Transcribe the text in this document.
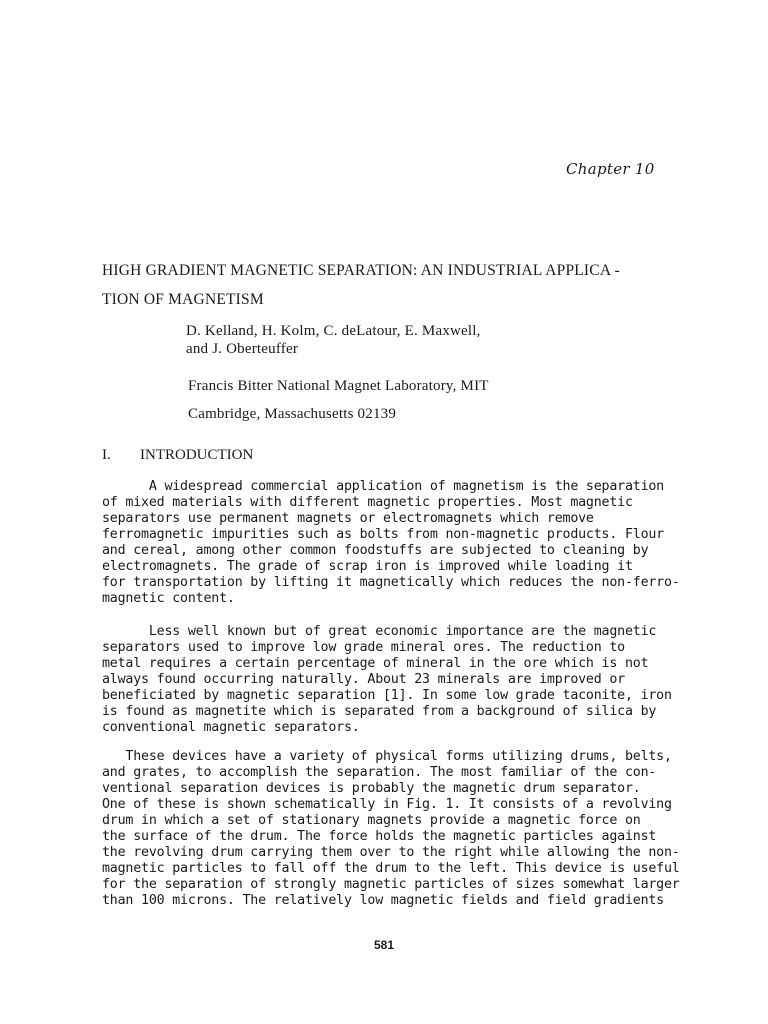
Chapter 10
HIGH GRADIENT MAGNETIC SEPARATION: AN INDUSTRIAL APPLICA -
TION OF MAGNETISM
D. Kelland, H. Kolm, C. deLatour, E. Maxwell,
and J. Oberteuffer
Francis Bitter National Magnet Laboratory, MIT
Cambridge, Massachusetts 02139
I. INTRODUCTION
A widespread commercial application of magnetism is the separation
of mixed materials with different magnetic properties. Most magnetic
separators use permanent magnets or electromagnets which remove
ferromagnetic impurities such as bolts from non-magnetic products. Flour
and cereal, among other common foodstuffs are subjected to cleaning by
electromagnets. The grade of scrap iron is improved while loading it
for transportation by lifting it magnetically which reduces the non-ferro-
magnetic content.
Less well known but of great economic importance are the magnetic
separators used to improve low grade mineral ores. The reduction to
metal requires a certain percentage of mineral in the ore which is not
always found occurring naturally. About 23 minerals are improved or
beneficiated by magnetic separation [1]. In some low grade taconite, iron
is found as magnetite which is separated from a background of silica by
conventional magnetic separators.
These devices have a variety of physical forms utilizing drums, belts,
and grates, to accomplish the separation. The most familiar of the con-
ventional separation devices is probably the magnetic drum separator.
One of these is shown schematically in Fig. 1. It consists of a revolving
drum in which a set of stationary magnets provide a magnetic force on
the surface of the drum. The force holds the magnetic particles against
the revolving drum carrying them over to the right while allowing the non-
magnetic particles to fall off the drum to the left. This device is useful
for the separation of strongly magnetic particles of sizes somewhat larger
than 100 microns. The relatively low magnetic fields and field gradients
581
